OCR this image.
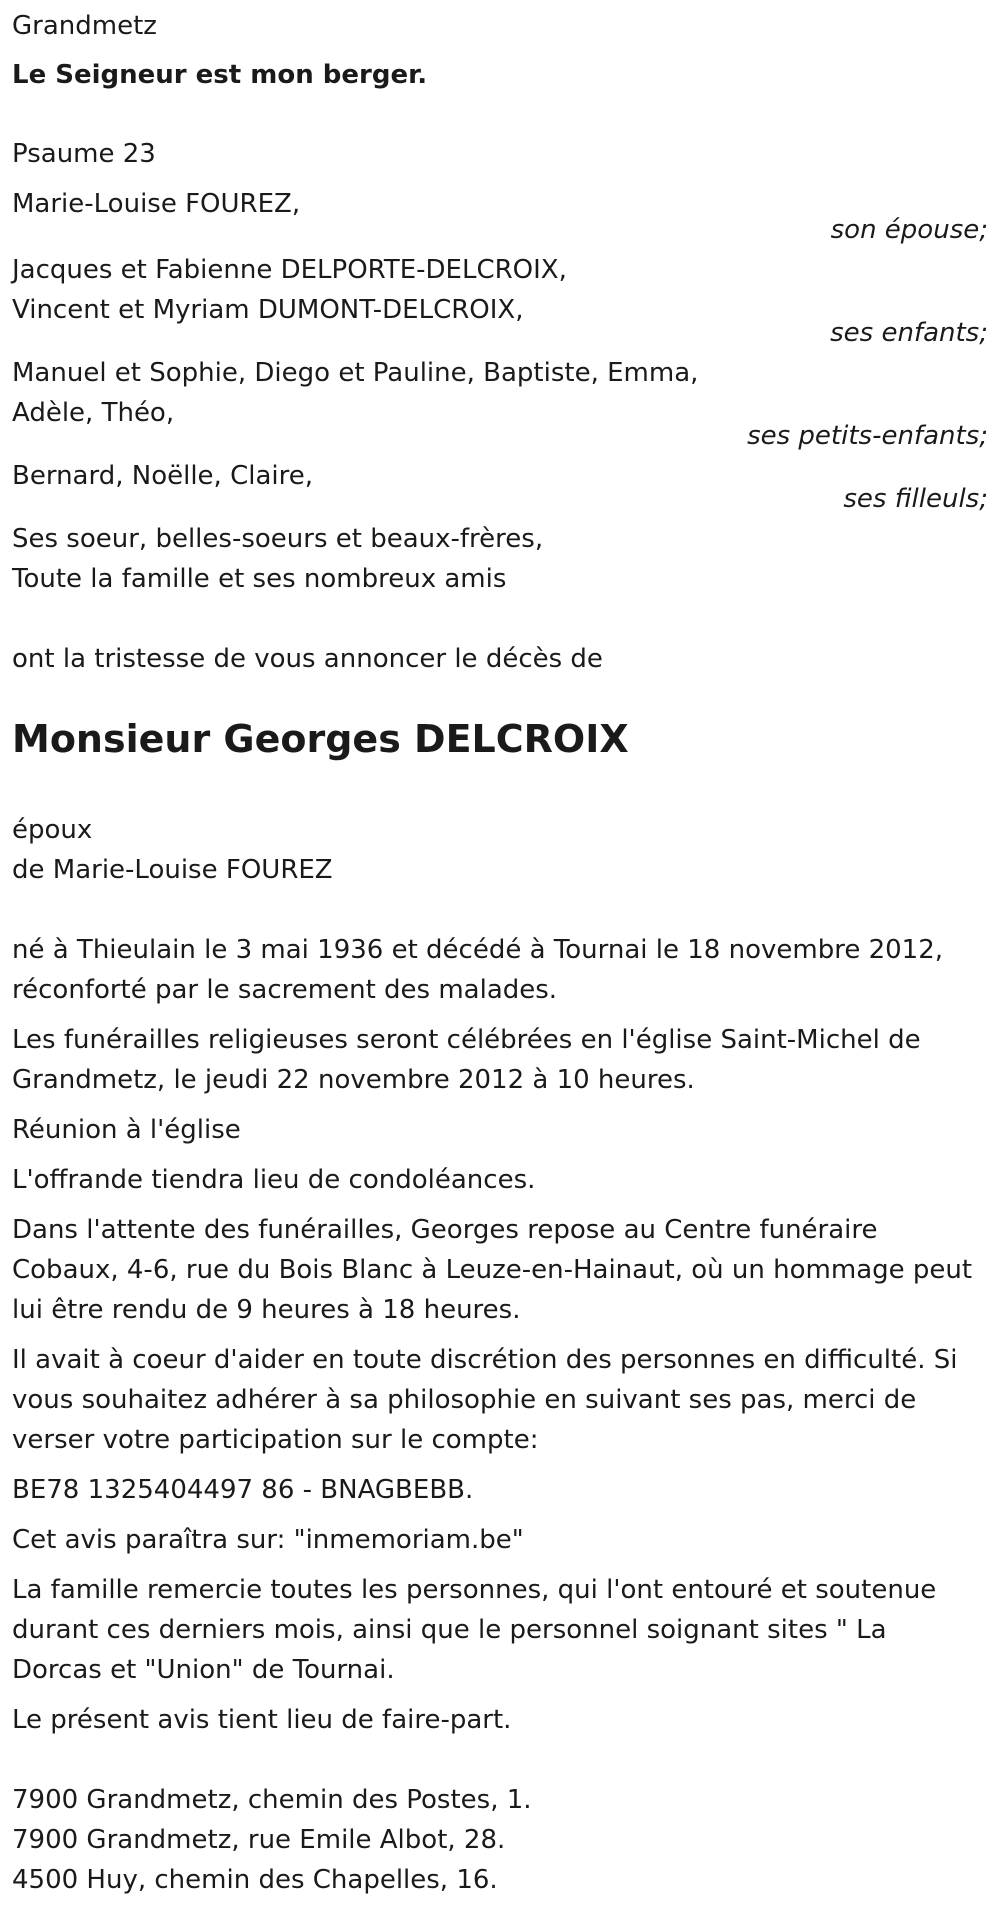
Grandmetz
Le Seigneur est mon berger.
Psaume 23
Marie-Louise FOUREZ,
son épouse;
Jacques et Fabienne DELPORTE-DELCROIX,
Vincent et Myriam DUMONT-DELCROIX,
ses enfants;
Manuel et Sophie, Diego et Pauline, Baptiste, Emma,
Adèle, Théo,
ses petits-enfants;
Bernard, Noëlle, Claire,
ses filleuls;
Ses soeur, belles-soeurs et beaux-frères,
Toute la famille et ses nombreux amis
ont la tristesse de vous annoncer le décès de
Monsieur Georges DELCROIX
époux
de Marie-Louise FOUREZ
né à Thieulain le 3 mai 1936 et décédé à Tournai le 18 novembre 2012,
réconforté par le sacrement des malades.
Les funérailles religieuses seront célébrées en l'église Saint-Michel de
Grandmetz, le jeudi 22 novembre 2012 à 10 heures.
Réunion à l'église
L'offrande tiendra lieu de condoléances.
Dans l'attente des funérailles, Georges repose au Centre funéraire
Cobaux, 4-6, rue du Bois Blanc à Leuze-en-Hainaut, où un hommage peut
lui être rendu de 9 heures à 18 heures.
Il avait à coeur d'aider en toute discrétion des personnes en difficulté. Si
vous souhaitez adhérer à sa philosophie en suivant ses pas, merci de
verser votre participation sur le compte:
BE78 1325404497 86 - BNAGBEBB.
Cet avis paraîtra sur: "inmemoriam.be"
La famille remercie toutes les personnes, qui l'ont entouré et soutenue
durant ces derniers mois, ainsi que le personnel soignant sites " La
Dorcas et "Union" de Tournai.
Le présent avis tient lieu de faire-part.
7900 Grandmetz, chemin des Postes, 1.
7900 Grandmetz, rue Emile Albot, 28.
4500 Huy, chemin des Chapelles, 16.
